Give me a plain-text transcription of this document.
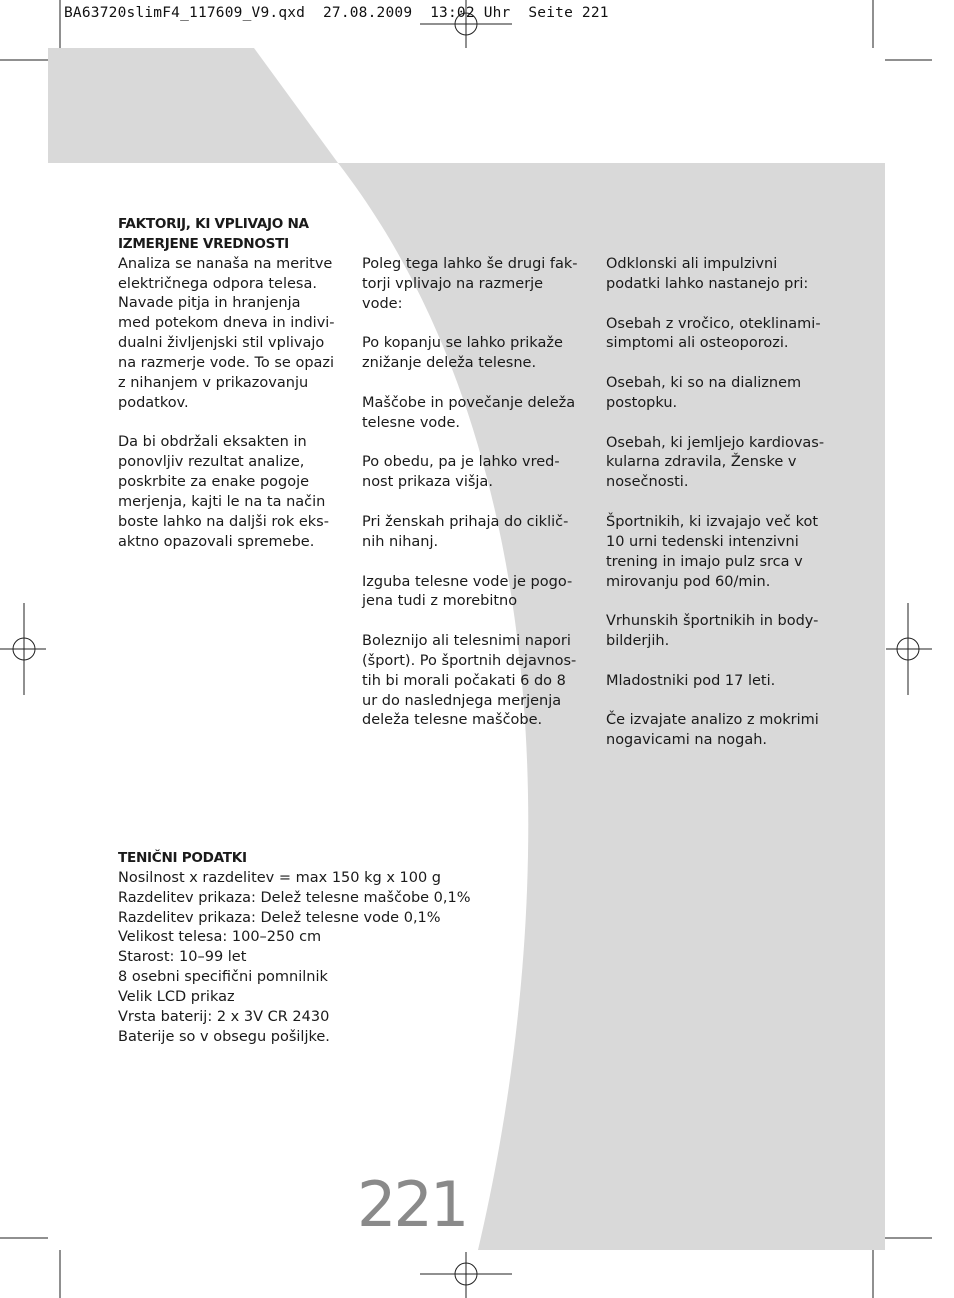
BA63720slimF4_117609_V9.qxd  27.08.2009  13:02 Uhr  Seite 221

FAKTORIJ, KI VPLIVAJO NA
IZMERJENE VREDNOSTI

Analiza se nanaša na meritve
električnega odpora telesa.
Navade pitja in hranjenja
med potekom dneva in indivi-
dualni življenjski stil vplivajo
na razmerje vode. To se opazi
z nihanjem v prikazovanju
podatkov.

Da bi obdržali eksakten in
ponovljiv rezultat analize,
poskrbite za enake pogoje
merjenja, kajti le na ta način
boste lahko na daljši rok eks-
aktno opazovali spremebe.

Poleg tega lahko še drugi fak-
torji vplivajo na razmerje
vode:

Po kopanju se lahko prikaže
znižanje deleža telesne.

Maščobe in povečanje deleža
telesne vode.

Po obedu, pa je lahko vred-
nost prikaza višja.

Pri ženskah prihaja do ciklič-
nih nihanj.

Izguba telesne vode je pogo-
jena tudi z morebitno

Boleznijo ali telesnimi napori
(šport). Po športnih dejavnos-
tih bi morali počakati 6 do 8
ur do naslednjega merjenja
deleža telesne maščobe.

Odklonski ali impulzivni
podatki lahko nastanejo pri:

Osebah z vročico, oteklinami-
simptomi ali osteoporozi.

Osebah, ki so na dializnem
postopku.

Osebah, ki jemljejo kardiovas-
kularna zdravila, Ženske v
nosečnosti.

Športnikih, ki izvajajo več kot
10 urni tedenski intenzivni
trening in imajo pulz srca v
mirovanju pod 60/min.

Vrhunskih športnikih in body-
bilderjih.

Mladostniki pod 17 leti.

Če izvajate analizo z mokrimi
nogavicami na nogah.

TENIČNI PODATKI

Nosilnost x razdelitev = max 150 kg x 100 g

Razdelitev prikaza: Delež telesne maščobe 0,1%

Razdelitev prikaza: Delež telesne vode 0,1%

Velikost telesa: 100–250 cm

Starost: 10–99 let

8 osebni specifični pomnilnik

Velik LCD prikaz

Vrsta baterij: 2 x 3V CR 2430

Baterije so v obsegu pošiljke.

221
